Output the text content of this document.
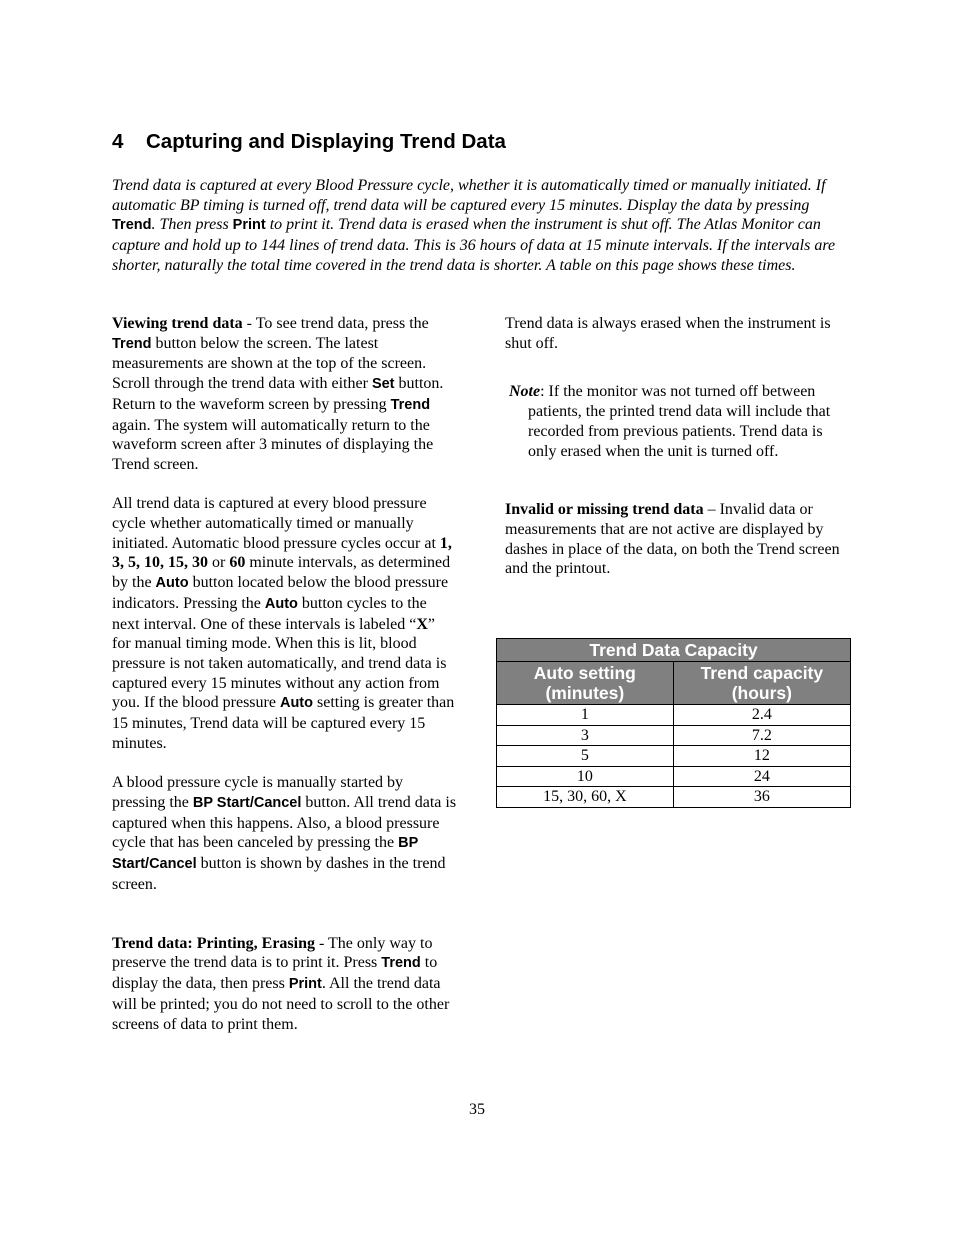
4 Capturing and Displaying Trend Data

Trend data is captured at every Blood Pressure cycle, whether it is automatically timed or manually initiated. If automatic BP timing is turned off, trend data will be captured every 15 minutes. Display the data by pressing Trend. Then press Print to print it. Trend data is erased when the instrument is shut off. The Atlas Monitor can capture and hold up to 144 lines of trend data. This is 36 hours of data at 15 minute intervals. If the intervals are shorter, naturally the total time covered in the trend data is shorter. A table on this page shows these times.

Viewing trend data - To see trend data, press the Trend button below the screen. The latest measurements are shown at the top of the screen. Scroll through the trend data with either Set button. Return to the waveform screen by pressing Trend again. The system will automatically return to the waveform screen after 3 minutes of displaying the Trend screen.

All trend data is captured at every blood pressure cycle whether automatically timed or manually initiated. Automatic blood pressure cycles occur at 1, 3, 5, 10, 15, 30 or 60 minute intervals, as determined by the Auto button located below the blood pressure indicators. Pressing the Auto button cycles to the next interval. One of these intervals is labeled “X” for manual timing mode. When this is lit, blood pressure is not taken automatically, and trend data is captured every 15 minutes without any action from you. If the blood pressure Auto setting is greater than 15 minutes, Trend data will be captured every 15 minutes.

A blood pressure cycle is manually started by pressing the BP Start/Cancel button. All trend data is captured when this happens. Also, a blood pressure cycle that has been canceled by pressing the BP Start/Cancel button is shown by dashes in the trend screen.

Trend data: Printing, Erasing - The only way to preserve the trend data is to print it. Press Trend to display the data, then press Print. All the trend data will be printed; you do not need to scroll to the other screens of data to print them.

Trend data is always erased when the instrument is shut off.

Note: If the monitor was not turned off between patients, the printed trend data will include that recorded from previous patients. Trend data is only erased when the unit is turned off.

Invalid or missing trend data – Invalid data or measurements that are not active are displayed by dashes in place of the data, on both the Trend screen and the printout.

Trend Data Capacity	
Auto setting (minutes)	Trend capacity (hours)
1	2.4
3	7.2
5	12
10	24
15, 30, 60, X	36
35
